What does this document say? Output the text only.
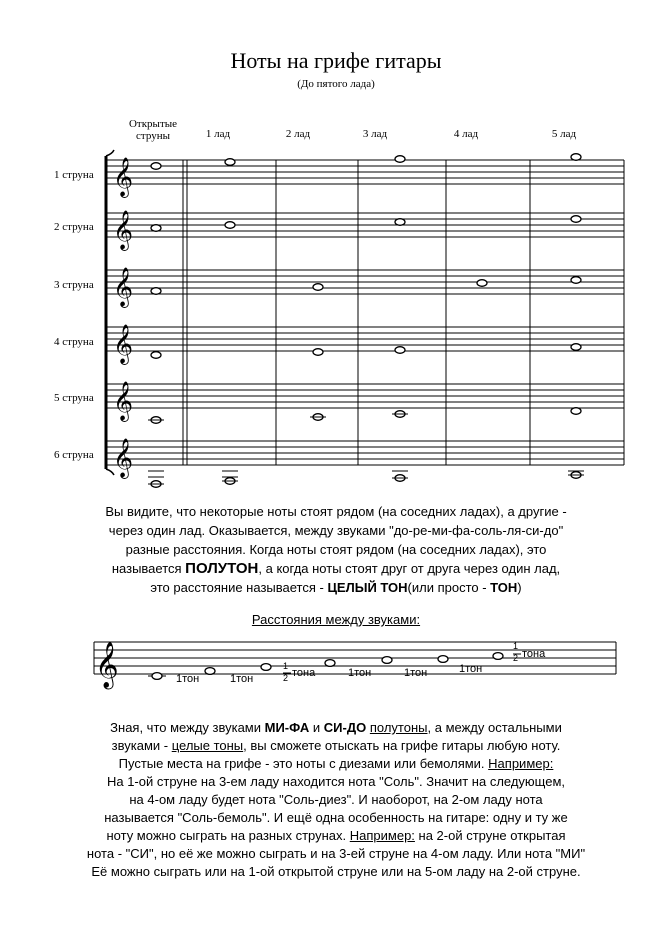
Ноты на грифе гитары
(До пятого лада)
Открытые
струны	1 лад	2 лад	3 лад	4 лад	5 лад
1 струна
2 струна
3 струна
4 струна
5 струна
6 струна
𝄞
𝄞
𝄞
𝄞
𝄞
𝄞
𝄞
Вы видите, что некоторые ноты стоят рядом (на соседних ладах), а другие -
через один лад. Оказывается, между звуками "до-ре-ми-фа-соль-ля-си-до"
разные расстояния. Когда ноты стоят рядом (на соседних ладах), это
называется ПОЛУТОН, а когда ноты стоят друг от друга через один лад,
это расстояние называется - ЦЕЛЫЙ ТОН(или просто - ТОН)
Расстояния между звуками:
1тон	1тон
1
2 тона	1тон	1тон	1тон
1
2 тона
Зная, что между звуками МИ-ФА и СИ-ДО полутоны, а между остальными
звуками - целые тоны, вы сможете отыскать на грифе гитары любую ноту.
Пустые места на грифе - это ноты с диезами или бемолями. Например:
На 1-ой струне на 3-ем ладу находится нота "Соль". Значит на следующем,
на 4-ом ладу будет нота "Соль-диез". И наоборот, на 2-ом ладу нота
называется "Соль-бемоль". И ещё одна особенность на гитаре: одну и ту же
ноту можно сыграть на разных струнах. Например: на 2-ой струне открытая
нота - "СИ", но её же можно сыграть и на 3-ей струне на 4-ом ладу. Или нота "МИ"
Её можно сыграть или на 1-ой открытой струне или на 5-ом ладу на 2-ой струне.
